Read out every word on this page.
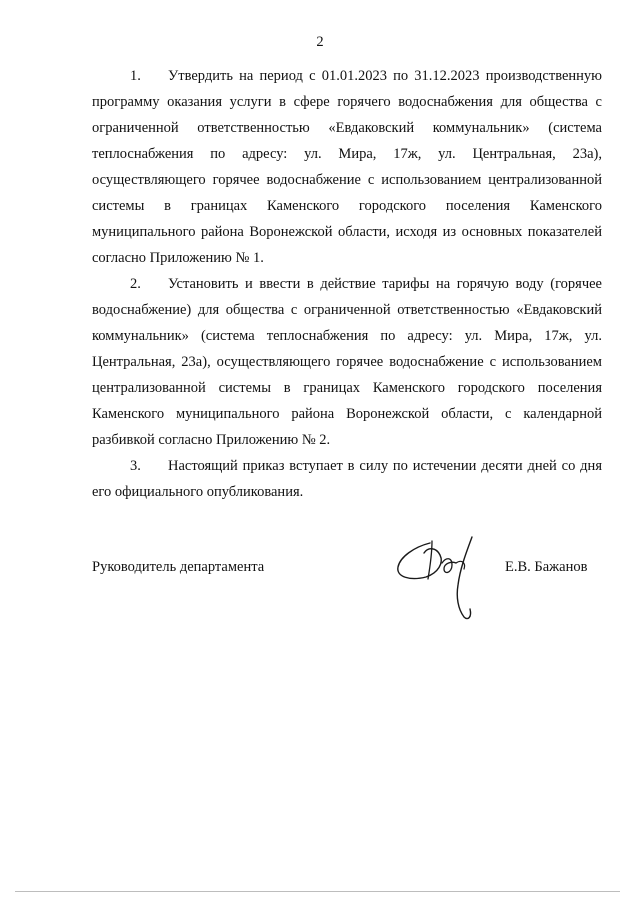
2

1. Утвердить на период с 01.01.2023 по 31.12.2023 производственную программу оказания услуги в сфере горячего водоснабжения для общества с ограниченной ответственностью «Евдаковский коммунальник» (система теплоснабжения по адресу: ул. Мира, 17ж, ул. Центральная, 23а), осуществляющего горячее водоснабжение с использованием централизованной системы в границах Каменского городского поселения Каменского муниципального района Воронежской области, исходя из основных показателей согласно Приложению № 1.

2. Установить и ввести в действие тарифы на горячую воду (горячее водоснабжение) для общества с ограниченной ответственностью «Евдаковский коммунальник» (система теплоснабжения по адресу: ул. Мира, 17ж, ул. Центральная, 23а), осуществляющего горячее водоснабжение с использованием централизованной системы в границах Каменского городского поселения Каменского муниципального района Воронежской области, с календарной разбивкой согласно Приложению № 2.

3. Настоящий приказ вступает в силу по истечении десяти дней со дня его официального опубликования.

Руководитель департамента	Е.В. Бажанов
